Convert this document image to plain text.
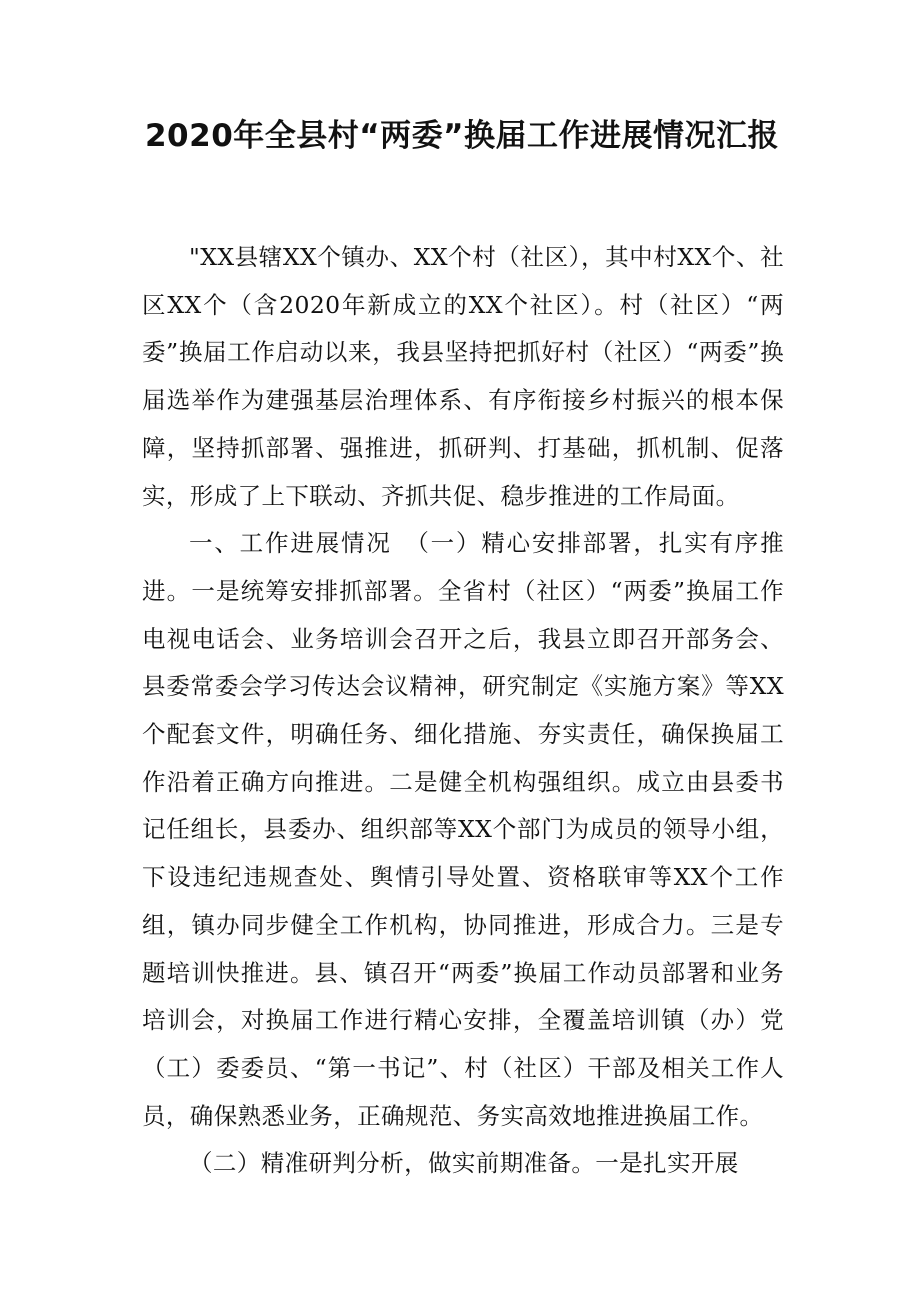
2020年全县村“两委”换届工作进展情况汇报

"XX县辖XX个镇办、XX个村（社区），其中村XX个、社区XX个（含2020年新成立的XX个社区）。村（社区）“两委”换届工作启动以来，我县坚持把抓好村（社区）“两委”换届选举作为建强基层治理体系、有序衔接乡村振兴的根本保障，坚持抓部署、强推进，抓研判、打基础，抓机制、促落实，形成了上下联动、齐抓共促、稳步推进的工作局面。

一、工作进展情况　（一）精心安排部署，扎实有序推进。一是统筹安排抓部署。全省村（社区）“两委”换届工作电视电话会、业务培训会召开之后，我县立即召开部务会、县委常委会学习传达会议精神，研究制定《实施方案》等XX个配套文件，明确任务、细化措施、夯实责任，确保换届工作沿着正确方向推进。二是健全机构强组织。成立由县委书记任组长，县委办、组织部等XX个部门为成员的领导小组，下设违纪违规查处、舆情引导处置、资格联审等XX个工作组，镇办同步健全工作机构，协同推进，形成合力。三是专题培训快推进。县、镇召开“两委”换届工作动员部署和业务培训会，对换届工作进行精心安排，全覆盖培训镇（办）党（工）委委员、“第一书记”、村（社区）干部及相关工作人员，确保熟悉业务，正确规范、务实高效地推进换届工作。

（二）精准研判分析，做实前期准备。一是扎实开展
